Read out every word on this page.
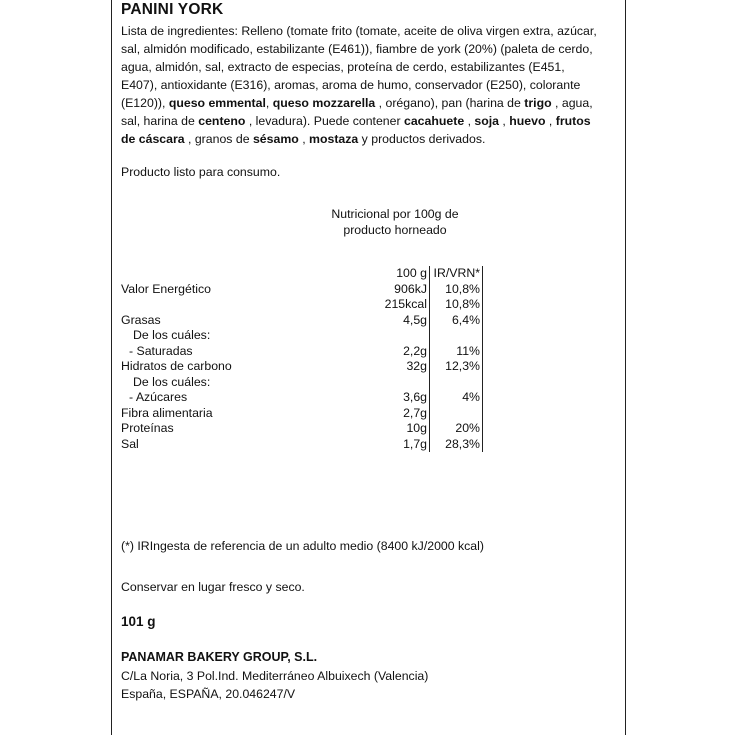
PANINI YORK
Lista de ingredientes: Relleno (tomate frito (tomate, aceite de oliva virgen extra, azúcar, sal, almidón modificado, estabilizante (E461)), fiambre de york (20%) (paleta de cerdo, agua, almidón, sal, extracto de especias, proteína de cerdo, estabilizantes (E451, E407), antioxidante (E316), aromas, aroma de humo, conservador (E250), colorante (E120)), queso emmental, queso mozzarella , orégano), pan (harina de trigo , agua, sal, harina de centeno , levadura). Puede contener cacahuete , soja , huevo , frutos de cáscara , granos de sésamo , mostaza y productos derivados.
Producto listo para consumo.
Nutricional por 100g de
producto horneado
	100 g	IR/VRN*	
Valor Energético	906kJ	10,8%	
	215kcal	10,8%	
Grasas	4,5g	6,4%	
De los cuáles:			
- Saturadas	2,2g	11%	
Hidratos de carbono	32g	12,3%	
De los cuáles:			
- Azúcares	3,6g	4%	
Fibra alimentaria	2,7g		
Proteínas	10g	20%	
Sal	1,7g	28,3%	
(*) IRIngesta de referencia de un adulto medio (8400 kJ/2000 kcal)
Conservar en lugar fresco y seco.
101 g
PANAMAR BAKERY GROUP, S.L.
C/La Noria, 3 Pol.Ind. Mediterráneo Albuixech (Valencia)
España, ESPAÑA, 20.046247/V
